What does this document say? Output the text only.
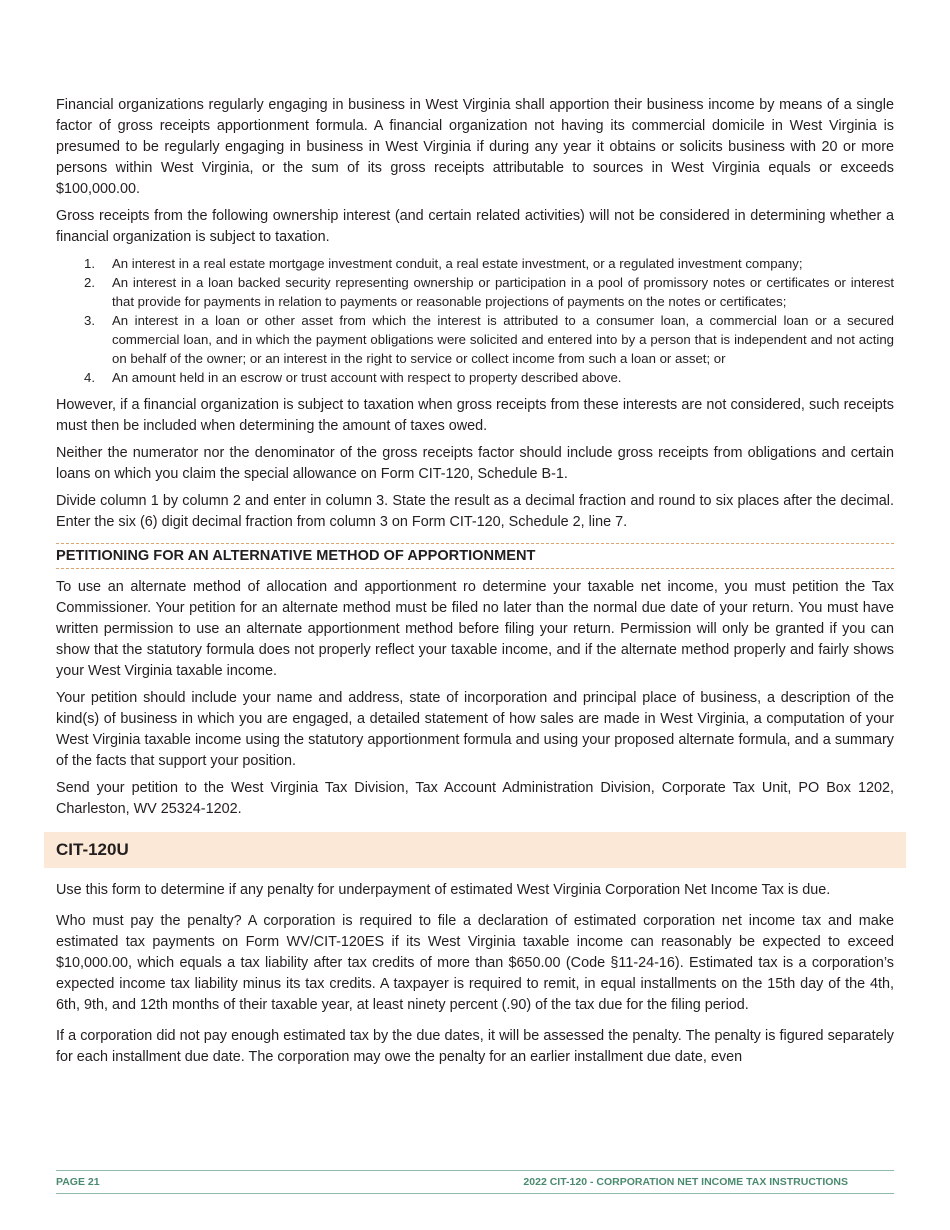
Financial organizations regularly engaging in business in West Virginia shall apportion their business income by means of a single factor of gross receipts apportionment formula. A financial organization not having its commercial domicile in West Virginia is presumed to be regularly engaging in business in West Virginia if during any year it obtains or solicits business with 20 or more persons within West Virginia, or the sum of its gross receipts attributable to sources in West Virginia equals or exceeds $100,000.00.

Gross receipts from the following ownership interest (and certain related activities) will not be considered in determining whether a financial organization is subject to taxation.

1. An interest in a real estate mortgage investment conduit, a real estate investment, or a regulated investment company;
2. An interest in a loan backed security representing ownership or participation in a pool of promissory notes or certificates or interest that provide for payments in relation to payments or reasonable projections of payments on the notes or certificates;
3. An interest in a loan or other asset from which the interest is attributed to a consumer loan, a commercial loan or a secured commercial loan, and in which the payment obligations were solicited and entered into by a person that is independent and not acting on behalf of the owner; or an interest in the right to service or collect income from such a loan or asset; or
4. An amount held in an escrow or trust account with respect to property described above.

However, if a financial organization is subject to taxation when gross receipts from these interests are not considered, such receipts must then be included when determining the amount of taxes owed.

Neither the numerator nor the denominator of the gross receipts factor should include gross receipts from obligations and certain loans on which you claim the special allowance on Form CIT-120, Schedule B-1.

Divide column 1 by column 2 and enter in column 3. State the result as a decimal fraction and round to six places after the decimal. Enter the six (6) digit decimal fraction from column 3 on Form CIT-120, Schedule 2, line 7.

PETITIONING FOR AN ALTERNATIVE METHOD OF APPORTIONMENT

To use an alternate method of allocation and apportionment ro determine your taxable net income, you must petition the Tax Commissioner. Your petition for an alternate method must be filed no later than the normal due date of your return. You must have written permission to use an alternate apportionment method before filing your return. Permission will only be granted if you can show that the statutory formula does not properly reflect your taxable income, and if the alternate method properly and fairly shows your West Virginia taxable income.

Your petition should include your name and address, state of incorporation and principal place of business, a description of the kind(s) of business in which you are engaged, a detailed statement of how sales are made in West Virginia, a computation of your West Virginia taxable income using the statutory apportionment formula and using your proposed alternate formula, and a summary of the facts that support your position.

Send your petition to the West Virginia Tax Division, Tax Account Administration Division, Corporate Tax Unit, PO Box 1202, Charleston, WV 25324-1202.

CIT-120U

Use this form to determine if any penalty for underpayment of estimated West Virginia Corporation Net Income Tax is due.

Who must pay the penalty? A corporation is required to file a declaration of estimated corporation net income tax and make estimated tax payments on Form WV/CIT-120ES if its West Virginia taxable income can reasonably be expected to exceed $10,000.00, which equals a tax liability after tax credits of more than $650.00 (Code §11-24-16). Estimated tax is a corporation’s expected income tax liability minus its tax credits. A taxpayer is required to remit, in equal installments on the 15th day of the 4th, 6th, 9th, and 12th months of their taxable year, at least ninety percent (.90) of the tax due for the filing period.

If a corporation did not pay enough estimated tax by the due dates, it will be assessed the penalty. The penalty is figured separately for each installment due date. The corporation may owe the penalty for an earlier installment due date, even

PAGE 21	2022 CIT-120 - CORPORATION NET INCOME TAX INSTRUCTIONS
